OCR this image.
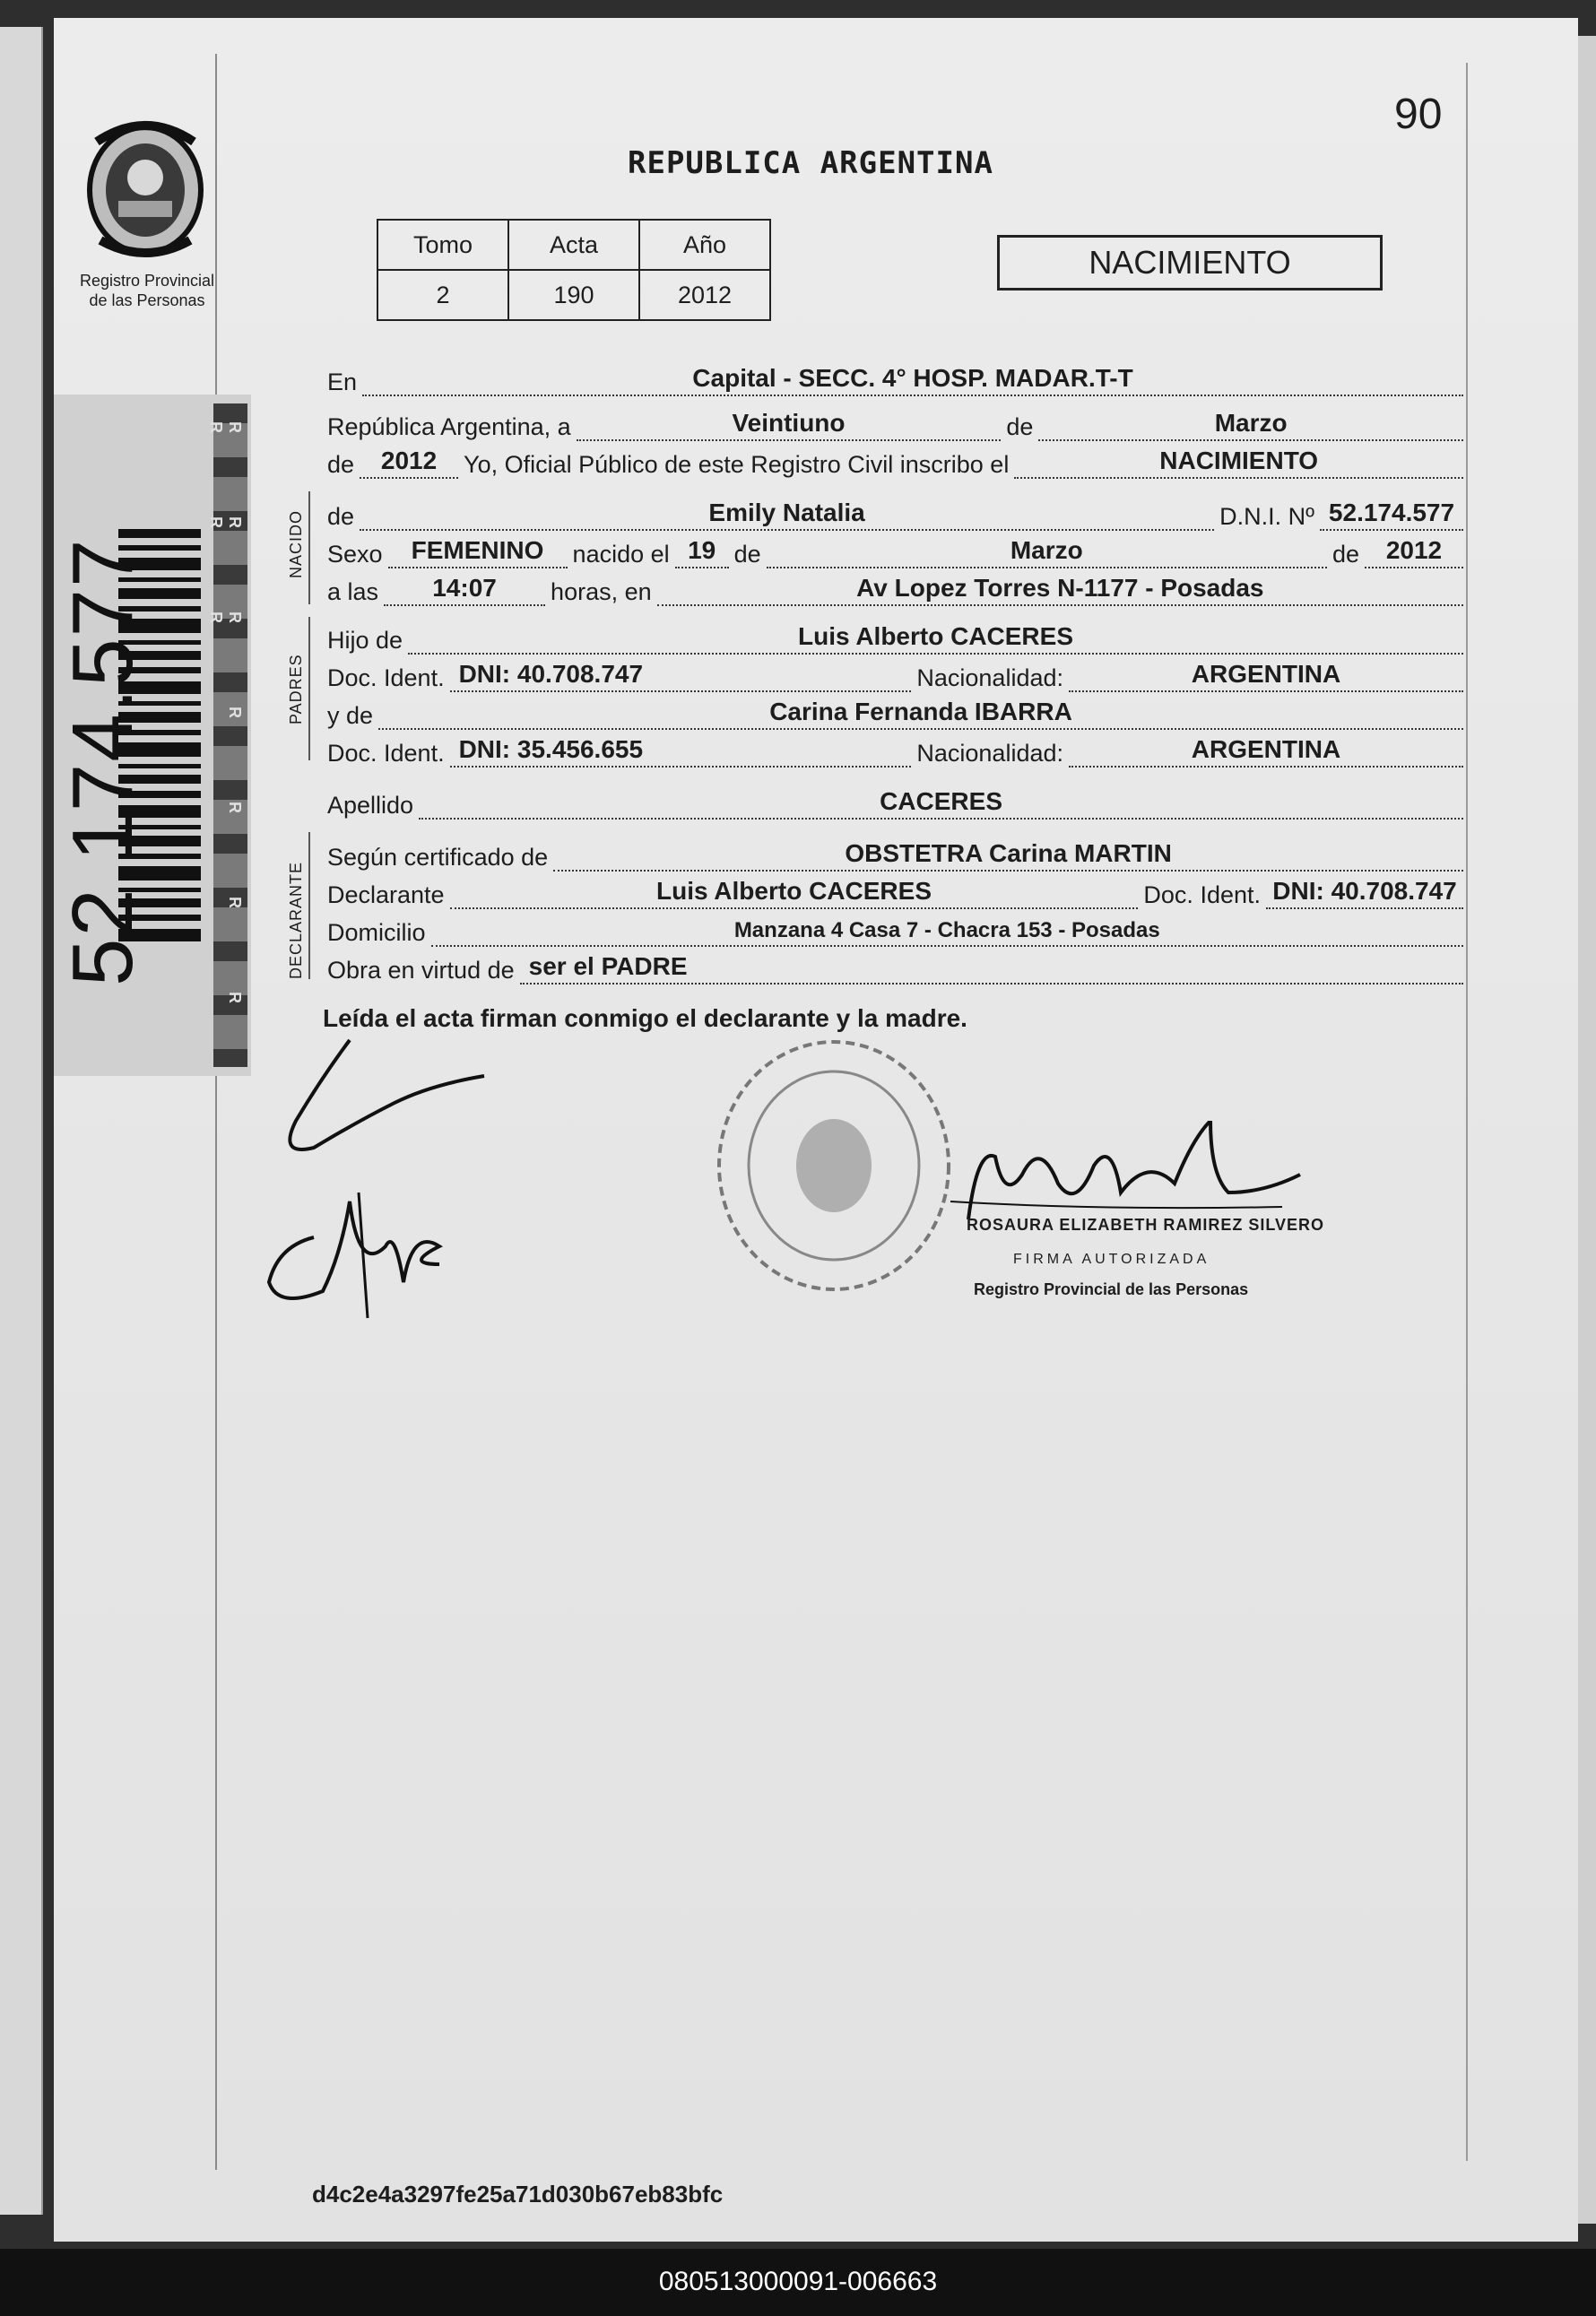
90
Registro Provincial
de las Personas
52.174.577	R R R R R R R R R R
REPUBLICA ARGENTINA
Tomo	Acta	Año
2	190	2012
NACIMIENTO
En	Capital - SECC. 4° HOSP. MADAR.T-T
República Argentina, a	Veintiuno	de	Marzo
de	2012	Yo, Oficial Público de este Registro Civil inscribo el	NACIMIENTO
NACIDO de	Emily Natalia	D.N.I. Nº 52.174.577
Sexo	FEMENINO	nacido el 19 de	Marzo	de	2012
a las	14:07	horas, en	Av Lopez Torres N-1177 - Posadas
PADRES
Hijo de	Luis Alberto CACERES
Doc. Ident. DNI: 40.708.747	Nacionalidad:	ARGENTINA
y de	Carina Fernanda IBARRA
Doc. Ident. DNI: 35.456.655	Nacionalidad:	ARGENTINA
Apellido	CACERES
DECLARANTE
Según certificado de	OBSTETRA Carina MARTIN
Declarante	Luis Alberto CACERES	Doc. Ident. DNI: 40.708.747
Domicilio	Manzana 4 Casa 7 - Chacra 153 - Posadas
Obra en virtud de ser el PADRE
Leída el acta firman conmigo el declarante y la madre.
ROSAURA ELIZABETH RAMIREZ SILVERO
FIRMA AUTORIZADA
Registro Provincial de las Personas
d4c2e4a3297fe25a71d030b67eb83bfc
080513000091-006663
